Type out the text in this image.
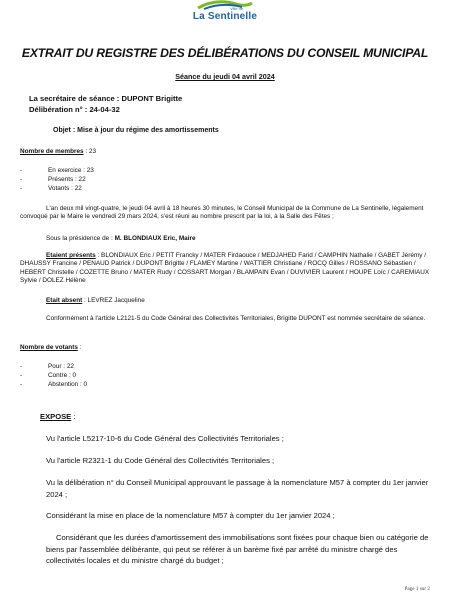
Ville de
La Sentinelle
EXTRAIT DU REGISTRE DES DÉLIBÉRATIONS DU CONSEIL MUNICIPAL
Séance du jeudi 04 avril 2024
La secrétaire de séance : DUPONT Brigitte
Délibération n° : 24-04-32
Objet : Mise à jour du régime des amortissements
Nombre de membres : 23
- En exercice : 23
- Présents : 22
- Votants : 22
L'an deux mil vingt-quatre, le jeudi 04 avril à 18 heures 30 minutes, le Conseil Municipal de la Commune de La Sentinelle, légalement convoqué par le Maire le vendredi 29 mars 2024, s'est réuni au nombre prescrit par la loi, à la Salle des Fêtes ;
Sous la présidence de : M. BLONDIAUX Eric, Maire
Etaient présents : BLONDIAUX Eric / PETIT Francky / MATER Firdaouce / MEDJAHED Farid / CAMPHIN Nathalie / GABET Jérémy / DHAUSSY Francine / PENAUD Patrick / DUPONT Brigitte / FLAMEY Martine / WATTIER Christiane / ROCQ Gilles / ROSSANO Sébastien / HEBERT Christelle / COZETTE Bruno / MATER Rudy / COSSART Morgan / BLAMPAIN Evan / DUVIVIER Laurent / HOUPE Loïc / CAREMIAUX Sylvie / DOLEZ Hélène
Etait absent : LEVREZ Jacqueline
Conformément à l'article L2121-5 du Code Général des Collectivités Territoriales, Brigitte DUPONT est nommée secrétaire de séance.
Nombre de votants :
- Pour : 22
- Contre : 0
- Abstention : 0
EXPOSE :
Vu l'article L5217-10-6 du Code Général des Collectivités Territoriales ;
Vu l'article R2321-1 du Code Général des Collectivités Territoriales ;
Vu la délibération n° du Conseil Municipal approuvant le passage à la nomenclature M57 à compter du 1er janvier 2024 ;
Considérant la mise en place de la nomenclature M57 à compter du 1er janvier 2024 ;
Considérant que les durées d'amortissement des immobilisations sont fixées pour chaque bien ou catégorie de biens par l'assemblée délibérante, qui peut se référer à un barème fixé par arrêté du ministre chargé des collectivités locales et du ministre chargé du budget ;
Page 1 sur 2
